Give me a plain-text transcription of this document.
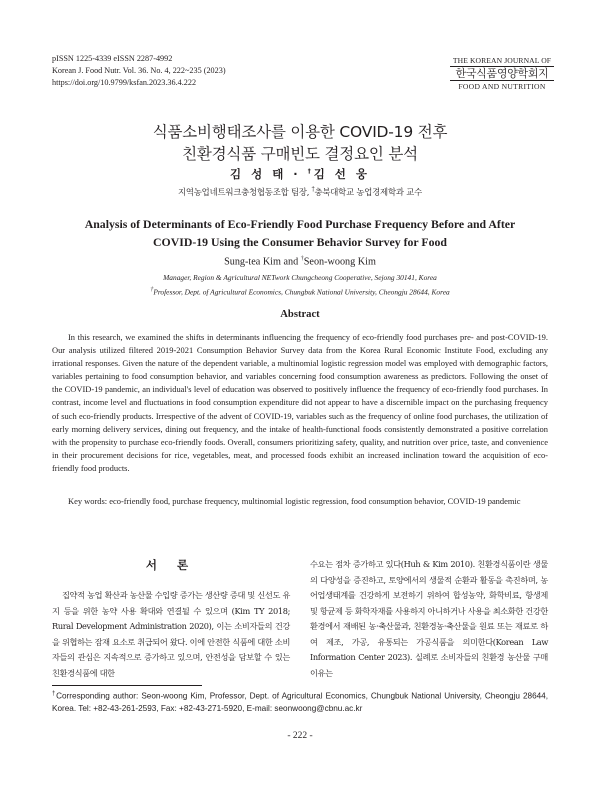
pISSN 1225-4339 eISSN 2287-4992
Korean J. Food Nutr. Vol. 36. No. 4, 222~235 (2023)
https://doi.org/10.9799/ksfan.2023.36.4.222
THE KOREAN JOURNAL OF
한국식품영양학회지
FOOD AND NUTRITION
식품소비행태조사를 이용한 COVID-19 전후
친환경식품 구매빈도 결정요인 분석
김 성 태 · †김 선 웅
지역농업네트워크충청협동조합 팀장, †충북대학교 농업경제학과 교수
Analysis of Determinants of Eco-Friendly Food Purchase Frequency Before and After
COVID-19 Using the Consumer Behavior Survey for Food
Sung-tea Kim and †Seon-woong Kim
Manager, Region & Agricultural NETwork Chungcheong Cooperative, Sejong 30141, Korea
†Professor, Dept. of Agricultural Economics, Chungbuk National University, Cheongju 28644, Korea
Abstract

In this research, we examined the shifts in determinants influencing the frequency of eco-friendly food purchases pre- and post-COVID-19. Our analysis utilized filtered 2019-2021 Consumption Behavior Survey data from the Korea Rural Economic Institute Food, excluding any irrational responses. Given the nature of the dependent variable, a multinomial logistic regression model was employed with demographic factors, variables pertaining to food consumption behavior, and variables concerning food consumption awareness as predictors. Following the onset of the COVID-19 pandemic, an individual's level of education was observed to positively influence the frequency of eco-friendly food purchases. In contrast, income level and fluctuations in food consumption expenditure did not appear to have a discernible impact on the purchasing frequency of such eco-friendly products. Irrespective of the advent of COVID-19, variables such as the frequency of online food purchases, the utilization of early morning delivery services, dining out frequency, and the intake of health-functional foods consistently demonstrated a positive correlation with the propensity to purchase eco-friendly foods. Overall, consumers prioritizing safety, quality, and nutrition over price, taste, and convenience in their procurement decisions for rice, vegetables, meat, and processed foods exhibit an increased inclination toward the acquisition of eco-friendly food products.

Key words: eco-friendly food, purchase frequency, multinomial logistic regression, food consumption behavior, COVID-19 pandemic
서 론

집약적 농업 확산과 농산물 수입량 증가는 생산량 증대 및 신선도 유지 등을 위한 농약 사용 확대와 연결될 수 있으며 (Kim TY 2018; Rural Development Administration 2020), 이는 소비자들의 건강을 위협하는 잠재 요소로 취급되어 왔다. 이에 안전한 식품에 대한 소비자들의 관심은 지속적으로 증가하고 있으며, 안전성을 담보할 수 있는 친환경식품에 대한

수요는 점차 증가하고 있다(Huh & Kim 2010). 친환경식품이란 생물의 다양성을 증진하고, 토양에서의 생물적 순환과 활동을 촉진하며, 농어업생태계를 건강하게 보전하기 위하여 합성농약, 화학비료, 항생제 및 항균제 등 화학자재를 사용하지 아니하거나 사용을 최소화한 건강한 환경에서 재배된 농·축산물과, 친환경농·축산물을 원료 또는 재료로 하여 제조, 가공, 유통되는 가공식품을 의미한다(Korean Law Information Center 2023). 실례로 소비자들의 친환경 농산물 구매 이유는

†Corresponding author: Seon-woong Kim, Professor, Dept. of Agricultural Economics, Chungbuk National University, Cheongju 28644, Korea. Tel: +82-43-261-2593, Fax: +82-43-271-5920, E-mail: seonwoong@cbnu.ac.kr
- 222 -
